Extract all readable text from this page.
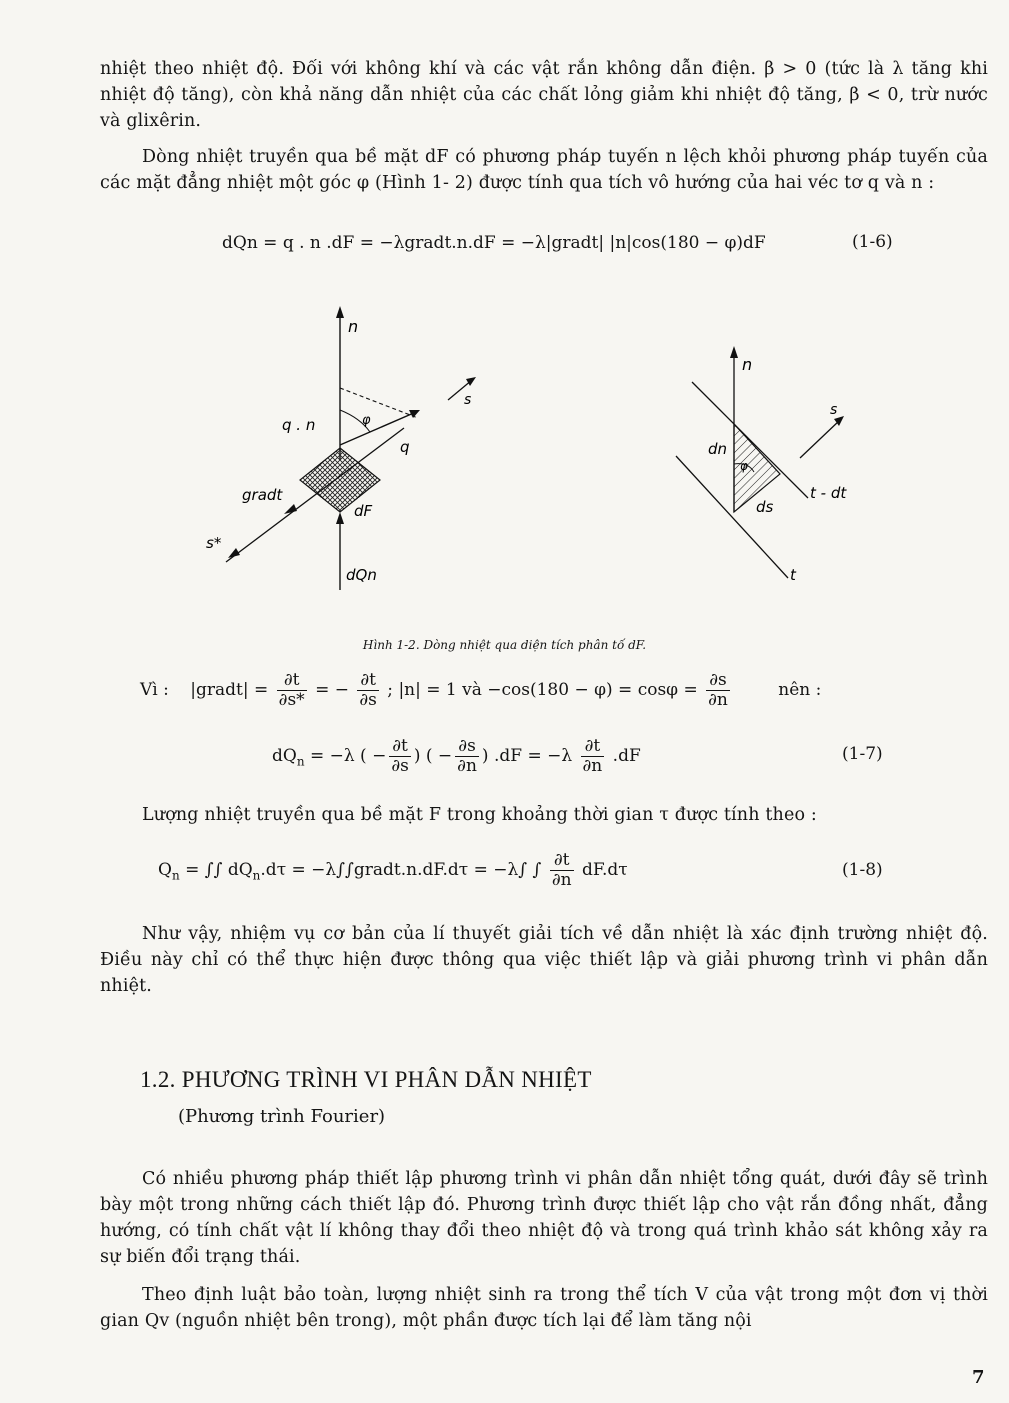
nhiệt theo nhiệt độ. Đối với không khí và các vật rắn không dẫn điện. β > 0 (tức là λ tăng khi nhiệt độ tăng), còn khả năng dẫn nhiệt của các chất lỏng giảm khi nhiệt độ tăng, β < 0, trừ nước và glixêrin.
Dòng nhiệt truyền qua bề mặt dF có phương pháp tuyến n lệch khỏi phương pháp tuyến của các mặt đẳng nhiệt một góc φ (Hình 1- 2) được tính qua tích vô hướng của hai véc tơ q và n :
dQn = q . n .dF = −λgradt.n.dF = −λ|gradt| |n|cos(180 − φ)dF	(1-6)
n
s
q . n	φ
q
gradt
dF
s*
dQn
n
s
dn
φ
ds
t - dt
t
Hình 1-2. Dòng nhiệt qua diện tích phân tố dF.
Vì : |gradt| = $\frac{\partial t}{\partial s*}$ = − $\frac{\partial t}{\partial s}$ ; |n| = 1 và $-\cos(180 - \varphi) = \cos\varphi = \frac{\partial s}{\partial n}$	nên :
$dQ_n = -\lambda$ ( − $\frac{\partial t}{\partial s}$ ) ( − $\frac{\partial s}{\partial n}$ ) $.dF = -\lambda \frac{\partial t}{\partial n} .dF$	(1-7)
Lượng nhiệt truyền qua bề mặt F trong khoảng thời gian τ được tính theo :
$Q_n$ = ∫∫ $dQ_n.d\tau$ = −λ∫∫gradt.n.dF.dτ = −λ∫ ∫ $\frac{\partial t}{\partial n} dF.d\tau$	(1-8)
Như vậy, nhiệm vụ cơ bản của lí thuyết giải tích về dẫn nhiệt là xác định trường nhiệt độ. Điều này chỉ có thể thực hiện được thông qua việc thiết lập và giải phương trình vi phân dẫn nhiệt.
1.2. PHƯƠNG TRÌNH VI PHÂN DẪN NHIỆT
(Phương trình Fourier)
Có nhiều phương pháp thiết lập phương trình vi phân dẫn nhiệt tổng quát, dưới đây sẽ trình bày một trong những cách thiết lập đó. Phương trình được thiết lập cho vật rắn đồng nhất, đẳng hướng, có tính chất vật lí không thay đổi theo nhiệt độ và trong quá trình khảo sát không xảy ra sự biến đổi trạng thái.
Theo định luật bảo toàn, lượng nhiệt sinh ra trong thể tích V của vật trong một đơn vị thời gian Qv (nguồn nhiệt bên trong), một phần được tích lại để làm tăng nội
7
